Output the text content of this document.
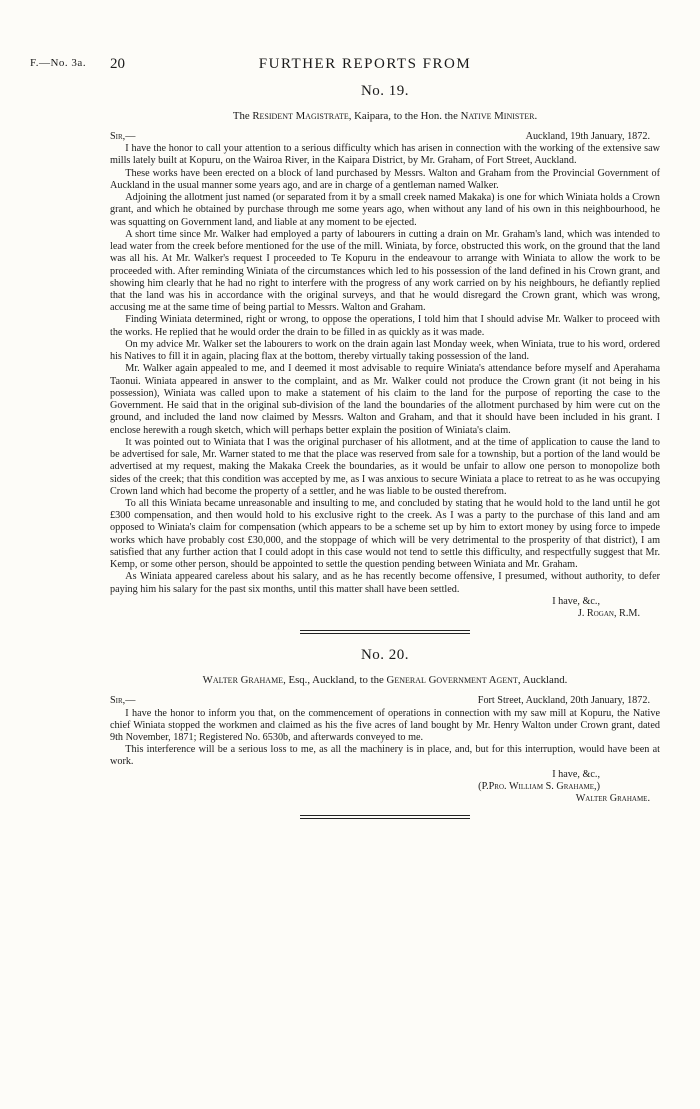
F.—No. 3a. 20	FURTHER REPORTS FROM
No. 19.
The Resident Magistrate, Kaipara, to the Hon. the Native Minister.
Sir,—	Auckland, 19th January, 1872.

I have the honor to call your attention to a serious difficulty which has arisen in connection with the working of the extensive saw mills lately built at Kopuru, on the Wairoa River, in the Kaipara District, by Mr. Graham, of Fort Street, Auckland.

These works have been erected on a block of land purchased by Messrs. Walton and Graham from the Provincial Government of Auckland in the usual manner some years ago, and are in charge of a gentleman named Walker.

Adjoining the allotment just named (or separated from it by a small creek named Makaka) is one for which Winiata holds a Crown grant, and which he obtained by purchase through me some years ago, when without any land of his own in this neighbourhood, he was squatting on Government land, and liable at any moment to be ejected.

A short time since Mr. Walker had employed a party of labourers in cutting a drain on Mr. Graham's land, which was intended to lead water from the creek before mentioned for the use of the mill. Winiata, by force, obstructed this work, on the ground that the land was all his. At Mr. Walker's request I proceeded to Te Kopuru in the endeavour to arrange with Winiata to allow the work to be proceeded with. After reminding Winiata of the circumstances which led to his possession of the land defined in his Crown grant, and showing him clearly that he had no right to interfere with the progress of any work carried on by his neighbours, he defiantly replied that the land was his in accordance with the original surveys, and that he would disregard the Crown grant, which was wrong, accusing me at the same time of being partial to Messrs. Walton and Graham.

Finding Winiata determined, right or wrong, to oppose the operations, I told him that I should advise Mr. Walker to proceed with the works. He replied that he would order the drain to be filled in as quickly as it was made.

On my advice Mr. Walker set the labourers to work on the drain again last Monday week, when Winiata, true to his word, ordered his Natives to fill it in again, placing flax at the bottom, thereby virtually taking possession of the land.

Mr. Walker again appealed to me, and I deemed it most advisable to require Winiata's attendance before myself and Aperahama Taonui. Winiata appeared in answer to the complaint, and as Mr. Walker could not produce the Crown grant (it not being in his possession), Winiata was called upon to make a statement of his claim to the land for the purpose of reporting the case to the Government. He said that in the original sub-division of the land the boundaries of the allotment purchased by him were cut on the ground, and included the land now claimed by Messrs. Walton and Graham, and that it should have been included in his grant. I enclose herewith a rough sketch, which will perhaps better explain the position of Winiata's claim.

It was pointed out to Winiata that I was the original purchaser of his allotment, and at the time of application to cause the land to be advertised for sale, Mr. Warner stated to me that the place was reserved from sale for a township, but a portion of the land would be advertised at my request, making the Makaka Creek the boundaries, as it would be unfair to allow one person to monopolize both sides of the creek; that this condition was accepted by me, as I was anxious to secure Winiata a place to retreat to as he was occupying Crown land which had become the property of a settler, and he was liable to be ousted therefrom.

To all this Winiata became unreasonable and insulting to me, and concluded by stating that he would hold to the land until he got £300 compensation, and then would hold to his exclusive right to the creek. As I was a party to the purchase of this land and am opposed to Winiata's claim for compensation (which appears to be a scheme set up by him to extort money by using force to impede works which have probably cost £30,000, and the stoppage of which will be very detrimental to the prosperity of that district), I am satisfied that any further action that I could adopt in this case would not tend to settle this difficulty, and respectfully suggest that Mr. Kemp, or some other person, should be appointed to settle the question pending between Winiata and Mr. Graham.

As Winiata appeared careless about his salary, and as he has recently become offensive, I presumed, without authority, to defer paying him his salary for the past six months, until this matter shall have been settled.

I have, &c.,
J. Rogan, R.M.
No. 20.
Walter Grahame, Esq., Auckland, to the General Government Agent, Auckland.
Sir,—	Fort Street, Auckland, 20th January, 1872.

I have the honor to inform you that, on the commencement of operations in connection with my saw mill at Kopuru, the Native chief Winiata stopped the workmen and claimed as his the five acres of land bought by Mr. Henry Walton under Crown grant, dated 9th November, 1871; Registered No. 6530b, and afterwards conveyed to me.

This interference will be a serious loss to me, as all the machinery is in place, and, but for this interruption, would have been at work.

I have, &c.,
(P.Pro. William S. Grahame,)
Walter Grahame.
